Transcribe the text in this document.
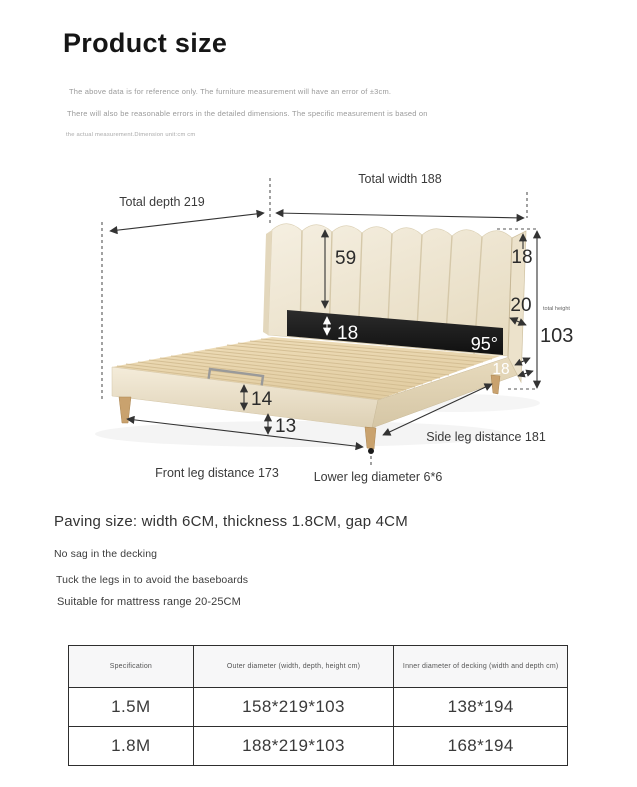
Product size

The above data is for reference only. The furniture measurement will have an error of ±3cm.

There will also be reasonable errors in the detailed dimensions. The specific measurement is based on

the actual measurement.Dimension unit:cm cm

Total width 188
Total depth 219
59
18	95°
18
20 total height
103
18
14
13
Front leg distance 173
Side leg distance 181
Lower leg diameter 6*6

Paving size: width 6CM, thickness 1.8CM, gap 4CM

No sag in the decking

Tuck the legs in to avoid the baseboards

Suitable for mattress range 20-25CM

Specification	Outer diameter (width, depth, height cm)	Inner diameter of decking (width and depth cm)
1.5M	158*219*103	138*194
1.8M	188*219*103	168*194
